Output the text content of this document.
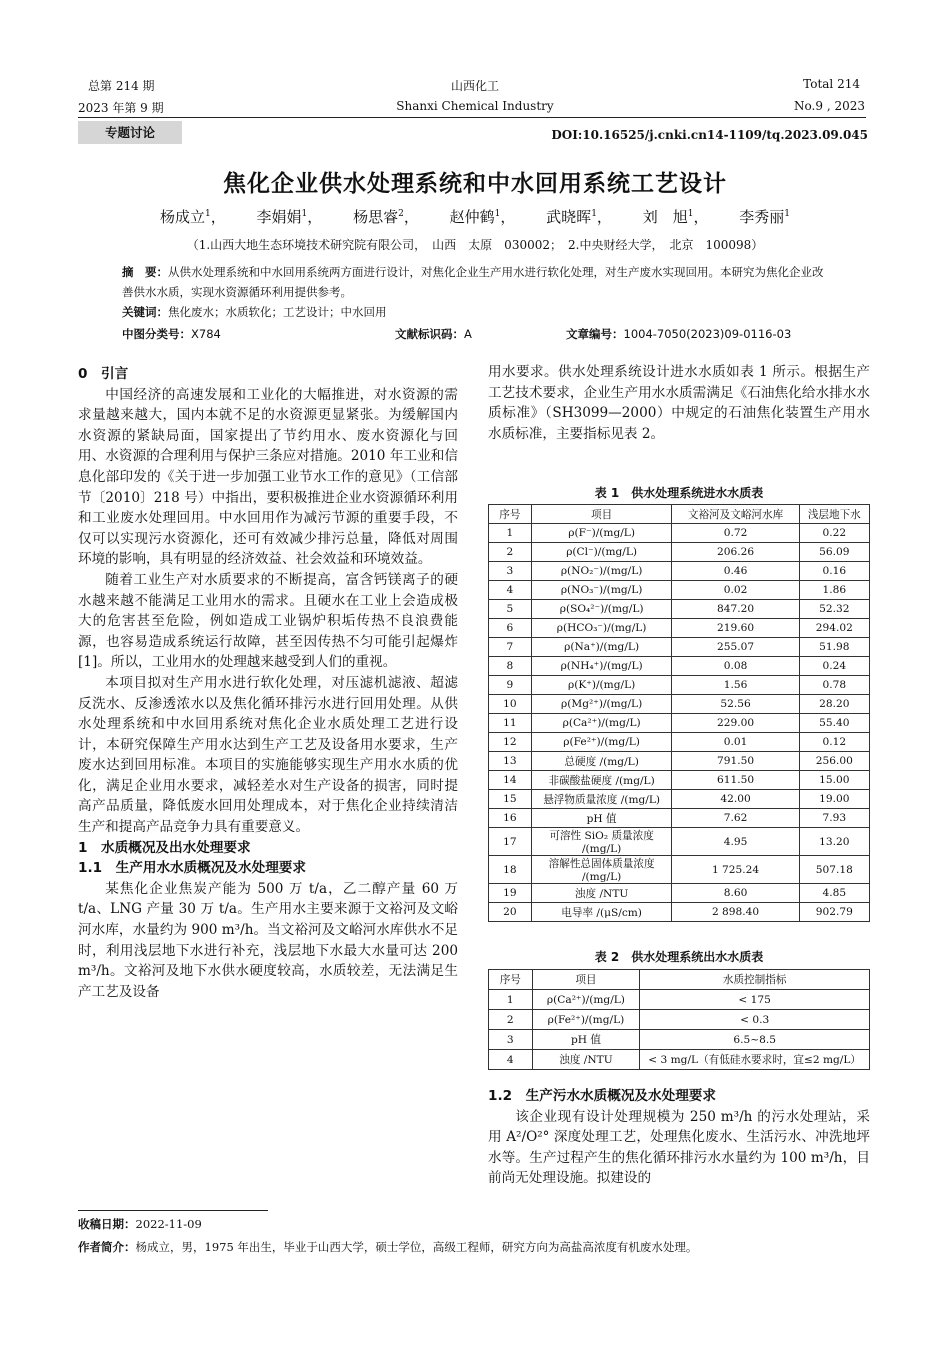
总第 214 期
2023 年第 9 期
山西化工
Shanxi Chemical Industry
Total 214
No.9 , 2023
专题讨论	DOI:10.16525/j.cnki.cn14-1109/tq.2023.09.045
焦化企业供水处理系统和中水回用系统工艺设计
杨成立$^1$， 李娟娟$^1$， 杨思睿$^2$， 赵仲鹤$^1$， 武晓晖$^1$， 刘　旭$^1$， 李秀丽$^1$
（1.山西大地生态环境技术研究院有限公司，　山西　太原　030002；　2.中央财经大学，　北京　100098）
摘　要：从供水处理系统和中水回用系统两方面进行设计，对焦化企业生产用水进行软化处理，对生产废水实现回用。本研究为焦化企业改善供水水质，实现水资源循环利用提供参考。
关键词：焦化废水；水质软化；工艺设计；中水回用
中图分类号：X784	文献标识码：A	文章编号：1004-7050(2023)09-0116-03

0　引言

中国经济的高速发展和工业化的大幅推进，对水资源的需求量越来越大，国内本就不足的水资源更显紧张。为缓解国内水资源的紧缺局面，国家提出了节约用水、废水资源化与回用、水资源的合理利用与保护三条应对措施。2010 年工业和信息化部印发的《关于进一步加强工业节水工作的意见》（工信部节〔2010〕218 号）中指出，要积极推进企业水资源循环利用和工业废水处理回用。中水回用作为减污节源的重要手段，不仅可以实现污水资源化，还可有效减少排污总量，降低对周围环境的影响，具有明显的经济效益、社会效益和环境效益。

随着工业生产对水质要求的不断提高，富含钙镁离子的硬水越来越不能满足工业用水的需求。且硬水在工业上会造成极大的危害甚至危险，例如造成工业锅炉积垢传热不良浪费能源，也容易造成系统运行故障，甚至因传热不匀可能引起爆炸[1]。所以，工业用水的处理越来越受到人们的重视。

本项目拟对生产用水进行软化处理，对压滤机滤液、超滤反洗水、反渗透浓水以及焦化循环排污水进行回用处理。从供水处理系统和中水回用系统对焦化企业水质处理工艺进行设计，本研究保障生产用水达到生产工艺及设备用水要求，生产废水达到回用标准。本项目的实施能够实现生产用水水质的优化，满足企业用水要求，减轻差水对生产设备的损害，同时提高产品质量，降低废水回用处理成本，对于焦化企业持续清洁生产和提高产品竞争力具有重要意义。

1　水质概况及出水处理要求

1.1　生产用水水质概况及水处理要求

某焦化企业焦炭产能为 500 万 t/a，乙二醇产量 60 万 t/a、LNG 产量 30 万 t/a。生产用水主要来源于文裕河及文峪河水库，水量约为 900 m³/h。当文裕河及文峪河水库供水不足时，利用浅层地下水进行补充，浅层地下水最大水量可达 200 m³/h。文裕河及地下水供水硬度较高，水质较差，无法满足生产工艺及设备

用水要求。供水处理系统设计进水水质如表 1 所示。根据生产工艺技术要求，企业生产用水水质需满足《石油焦化给水排水水质标准》（SH3099—2000）中规定的石油焦化装置生产用水水质标准，主要指标见表 2。

表 1　供水处理系统进水水质表
序号	项目	文裕河及文峪河水库	浅层地下水
1	ρ(F⁻)/(mg/L)	0.72	0.22
2	ρ(Cl⁻)/(mg/L)	206.26	56.09
3	ρ(NO₂⁻)/(mg/L)	0.46	0.16
4	ρ(NO₃⁻)/(mg/L)	0.02	1.86
5	ρ(SO₄²⁻)/(mg/L)	847.20	52.32
6	ρ(HCO₃⁻)/(mg/L)	219.60	294.02
7	ρ(Na⁺)/(mg/L)	255.07	51.98
8	ρ(NH₄⁺)/(mg/L)	0.08	0.24
9	ρ(K⁺)/(mg/L)	1.56	0.78
10	ρ(Mg²⁺)/(mg/L)	52.56	28.20
11	ρ(Ca²⁺)/(mg/L)	229.00	55.40
12	ρ(Fe²⁺)/(mg/L)	0.01	0.12
13	总硬度 /(mg/L)	791.50	256.00
14	非碳酸盐硬度 /(mg/L)	611.50	15.00
15	悬浮物质量浓度 /(mg/L)	42.00	19.00
16	pH 值	7.62	7.93
17	可溶性 SiO₂ 质量浓度 /(mg/L)	4.95	13.20
18	溶解性总固体质量浓度 /(mg/L)	1 725.24	507.18
19	浊度 /NTU	8.60	4.85
20	电导率 /(μS/cm)	2 898.40	902.79
表 2　供水处理系统出水水质表
序号	项目	水质控制指标
1	ρ(Ca²⁺)/(mg/L)	< 175
2	ρ(Fe²⁺)/(mg/L)	< 0.3
3	pH 值	6.5~8.5
4	浊度 /NTU	< 3 mg/L（有低硅水要求时，宜≤2 mg/L）

1.2　生产污水水质概况及水处理要求

该企业现有设计处理规模为 250 m³/h 的污水处理站，采用 A²/O²° 深度处理工艺，处理焦化废水、生活污水、冲洗地坪水等。生产过程产生的焦化循环排污水水量约为 100 m³/h，目前尚无处理设施。拟建设的

收稿日期：2022-11-09
作者简介：杨成立，男，1975 年出生，毕业于山西大学，硕士学位，高级工程师，研究方向为高盐高浓度有机废水处理。
